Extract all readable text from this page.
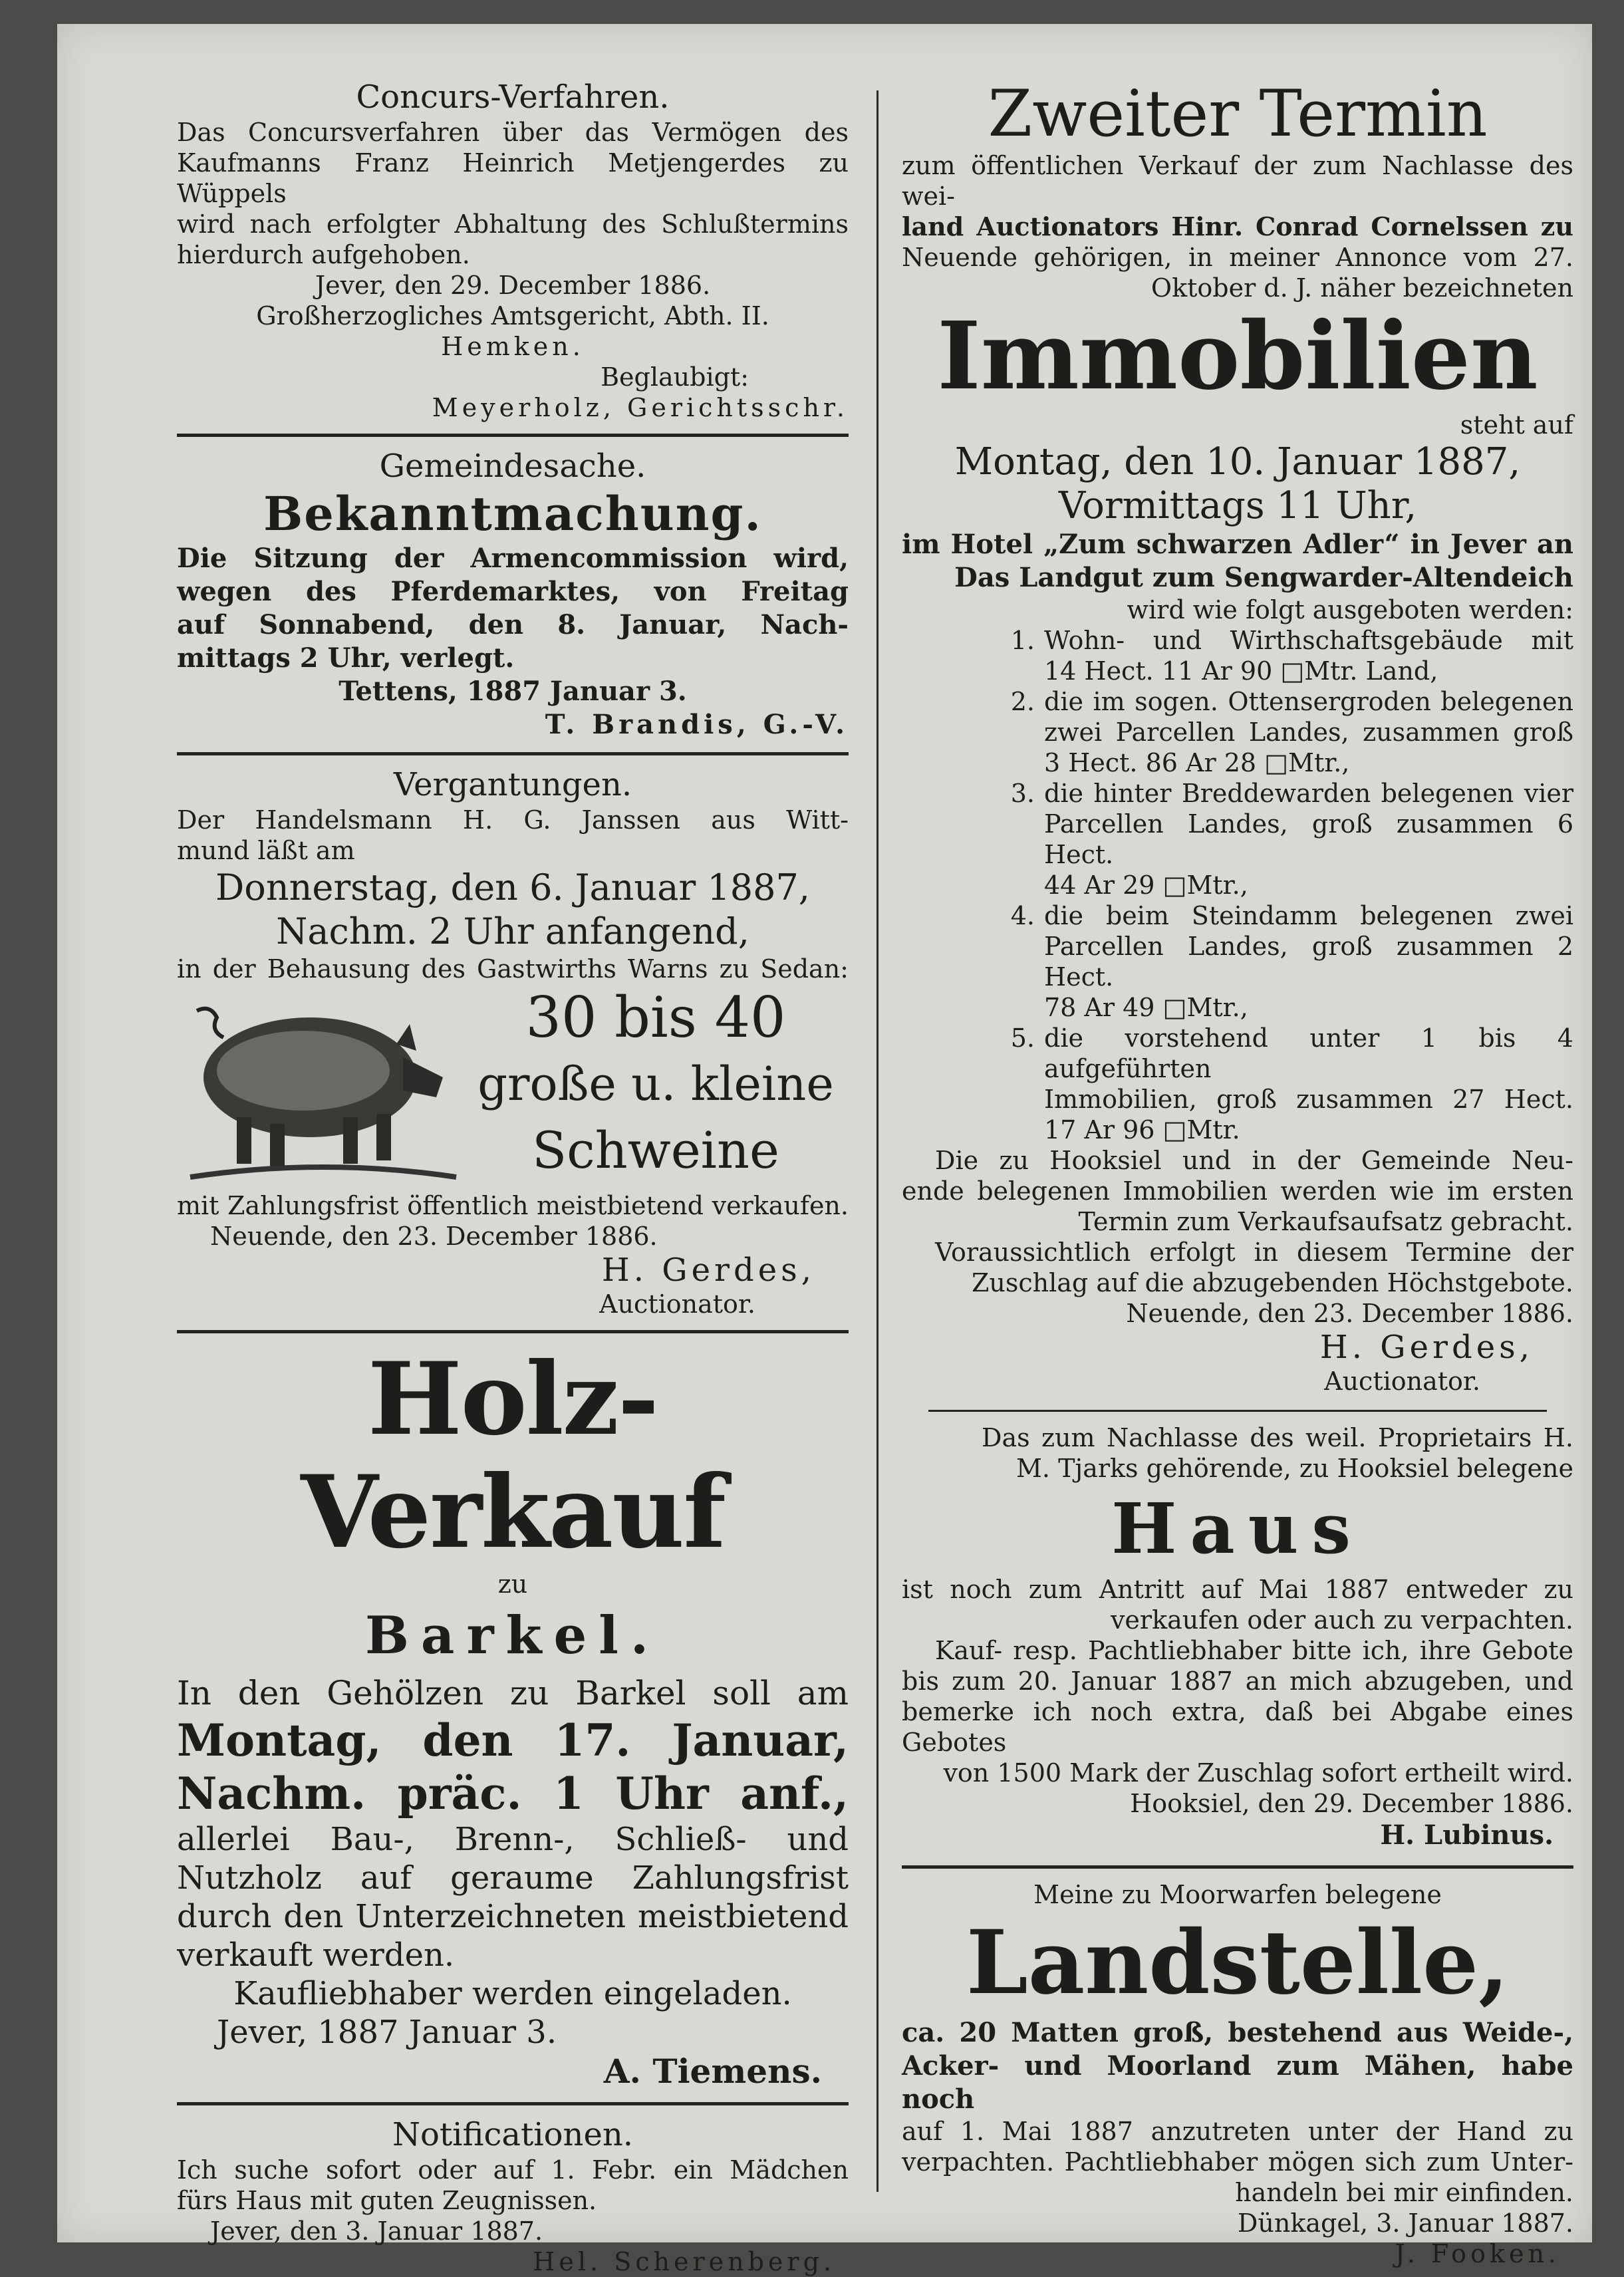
Concurs-Verfahren.

Das Concursverfahren über das Vermögen des

Kaufmanns Franz Heinrich Metjengerdes zu Wüppels

wird nach erfolgter Abhaltung des Schlußtermins

hierdurch aufgehoben.

Jever, den 29. December 1886.

Großherzogliches Amtsgericht, Abth. II.

Hemken.

Beglaubigt:

Meyerholz, Gerichtsschr.

Gemeindesache.

Bekanntmachung.

Die Sitzung der Armencommission wird,

wegen des Pferdemarktes, von Freitag

auf Sonnabend, den 8. Januar, Nach-

mittags 2 Uhr, verlegt.

Tettens, 1887 Januar 3.

T. Brandis, G.-V.

Vergantungen.

Der Handelsmann H. G. Janssen aus Witt-

mund läßt am

Donnerstag, den 6. Januar 1887,

Nachm. 2 Uhr anfangend,

in der Behausung des Gastwirths Warns zu Sedan:

30 bis 40

große u. kleine

Schweine

mit Zahlungsfrist öffentlich meistbietend verkaufen.

Neuende, den 23. December 1886.

H. Gerdes,

Auctionator.

Holz-Verkauf

zu

Barkel.

In den Gehölzen zu Barkel soll am

Montag, den 17. Januar,

Nachm. präc. 1 Uhr anf.,

allerlei Bau-, Brenn-, Schließ- und

Nutzholz auf geraume Zahlungsfrist

durch den Unterzeichneten meistbietend

verkauft werden.

Kaufliebhaber werden eingeladen.

Jever, 1887 Januar 3.

A. Tiemens.

Notificationen.

Ich suche sofort oder auf 1. Febr. ein Mädchen

fürs Haus mit guten Zeugnissen.

Jever, den 3. Januar 1887.

Hel. Scherenberg.

Zweiter Termin

zum öffentlichen Verkauf der zum Nachlasse des wei-

land Auctionators Hinr. Conrad Cornelssen zu

Neuende gehörigen, in meiner Annonce vom 27.

Oktober d. J. näher bezeichneten

Immobilien

steht auf

Montag, den 10. Januar 1887,

Vormittags 11 Uhr,

im Hotel „Zum schwarzen Adler“ in Jever an

Das Landgut zum Sengwarder-Altendeich

wird wie folgt ausgeboten werden:

1. Wohn- und Wirthschaftsgebäude mit

14 Hect. 11 Ar 90 □Mtr. Land,

2. die im sogen. Ottensergroden belegenen

zwei Parcellen Landes, zusammen groß

3 Hect. 86 Ar 28 □Mtr.,

3. die hinter Breddewarden belegenen vier

Parcellen Landes, groß zusammen 6 Hect.

44 Ar 29 □Mtr.,

4. die beim Steindamm belegenen zwei

Parcellen Landes, groß zusammen 2 Hect.

78 Ar 49 □Mtr.,

5. die vorstehend unter 1 bis 4 aufgeführten

Immobilien, groß zusammen 27 Hect.

17 Ar 96 □Mtr.

Die zu Hooksiel und in der Gemeinde Neu-

ende belegenen Immobilien werden wie im ersten

Termin zum Verkaufsaufsatz gebracht.

Voraussichtlich erfolgt in diesem Termine der

Zuschlag auf die abzugebenden Höchstgebote.

Neuende, den 23. December 1886.

H. Gerdes,

Auctionator.

Das zum Nachlasse des weil. Proprietairs H.

M. Tjarks gehörende, zu Hooksiel belegene

Haus

ist noch zum Antritt auf Mai 1887 entweder zu

verkaufen oder auch zu verpachten.

Kauf- resp. Pachtliebhaber bitte ich, ihre Gebote

bis zum 20. Januar 1887 an mich abzugeben, und

bemerke ich noch extra, daß bei Abgabe eines Gebotes

von 1500 Mark der Zuschlag sofort ertheilt wird.

Hooksiel, den 29. December 1886.

H. Lubinus.

Meine zu Moorwarfen belegene

Landstelle,

ca. 20 Matten groß, bestehend aus Weide-,

Acker- und Moorland zum Mähen, habe noch

auf 1. Mai 1887 anzutreten unter der Hand zu

verpachten. Pachtliebhaber mögen sich zum Unter-

handeln bei mir einfinden.

Dünkagel, 3. Januar 1887.

J. Fooken.
